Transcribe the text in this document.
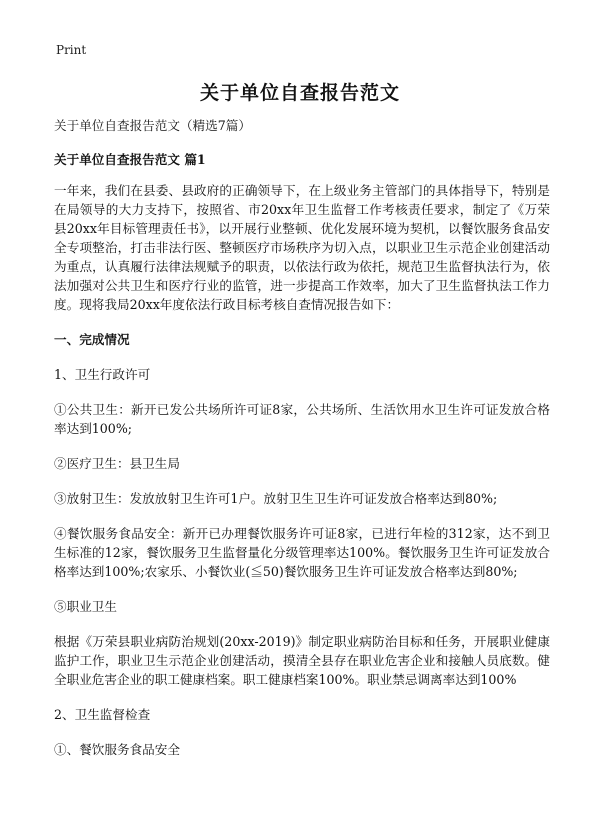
Print
关于单位自查报告范文

关于单位自查报告范文（精选7篇）

关于单位自查报告范文 篇1

一年来，我们在县委、县政府的正确领导下，在上级业务主管部门的具体指导下，特别是在局领导的大力支持下，按照省、市20xx年卫生监督工作考核责任要求，制定了《万荣县20xx年目标管理责任书》，以开展行业整顿、优化发展环境为契机，以餐饮服务食品安全专项整治，打击非法行医、整顿医疗市场秩序为切入点，以职业卫生示范企业创建活动为重点，认真履行法律法规赋予的职责，以依法行政为依托，规范卫生监督执法行为，依法加强对公共卫生和医疗行业的监管，进一步提高工作效率，加大了卫生监督执法工作力度。现将我局20xx年度依法行政目标考核自查情况报告如下：

一、完成情况

1、卫生行政许可

①公共卫生：新开已发公共场所许可证8家，公共场所、生活饮用水卫生许可证发放合格率达到100%;

②医疗卫生：县卫生局

③放射卫生：发放放射卫生许可1户。放射卫生卫生许可证发放合格率达到80%;

④餐饮服务食品安全：新开已办理餐饮服务许可证8家，已进行年检的312家，达不到卫生标准的12家，餐饮服务卫生监督量化分级管理率达100%。餐饮服务卫生许可证发放合格率达到100%;农家乐、小餐饮业(≦50)餐饮服务卫生许可证发放合格率达到80%;

⑤职业卫生

根据《万荣县职业病防治规划(20xx-2019)》制定职业病防治目标和任务，开展职业健康监护工作，职业卫生示范企业创建活动，摸清全县存在职业危害企业和接触人员底数。健全职业危害企业的职工健康档案。职工健康档案100%。职业禁忌调离率达到100%

2、卫生监督检查

①、餐饮服务食品安全
